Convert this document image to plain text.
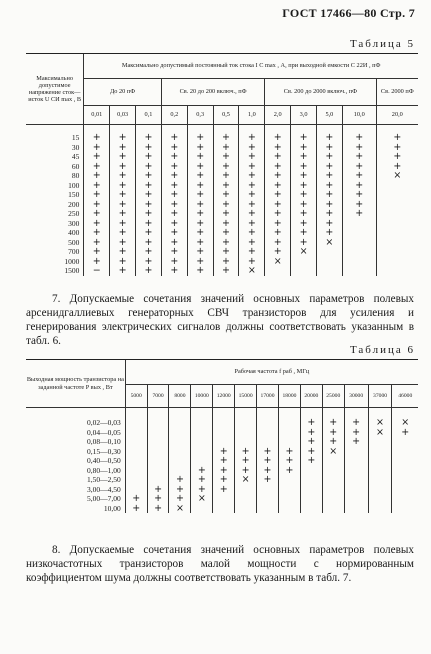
ГОСТ 17466—80 Стр. 7
Таблица 5
Максимально допустимое напряжение сток—исток U СИ max , В	Максимально допустимый постоянный ток стока I C max , А, при выходной емкости C 22И , пФ											
	До 20 пФ			Св. 20 до 200 включ., пФ				Св. 200 до 2000 включ., пФ				Св. 2000 пФ
	0,01	0,03	0,1	0,2	0,3	0,5	1,0	2,0	3,0	5,0	10,0	20,0
15	+	+	+	+	+	+	+	+	+	+	+	+
30	+	+	+	+	+	+	+	+	+	+	+	+
45	+	+	+	+	+	+	+	+	+	+	+	+
60	+	+	+	+	+	+	+	+	+	+	+	+
80	+	+	+	+	+	+	+	+	+	+	+	×
100	+	+	+	+	+	+	+	+	+	+	+	
150	+	+	+	+	+	+	+	+	+	+	+	
200	+	+	+	+	+	+	+	+	+	+	+	
250	+	+	+	+	+	+	+	+	+	+	+	
300	+	+	+	+	+	+	+	+	+	+		
400	+	+	+	+	+	+	+	+	+	+		
500	+	+	+	+	+	+	+	+	+	×		
700	+	+	+	+	+	+	+	+	×			
1000	+	+	+	+	+	+	+	×				
1500	−	+	+	+	+	+	×					
7. Допускаемые сочетания значений основных параметров полевых арсенидгаллиевых генераторных СВЧ транзисторов для усиления и генерирования электрических сигналов должны соответствовать указанным в табл. 6.
Таблица 6
Выходная мощность транзистора на заданной частоте P вых , Вт	Рабочая частота f раб , МГц												
	5000	7000	8000	10000	12000	15000	17000	18000	20000	25000	30000	37000	46000
0,02—0,03									+	+	+	×	×
0,04—0,05									+	+	+	×	+
0,08—0,10									+	+	+		
0,15—0,30					+	+	+	+	+	×			
0,40—0,50					+	+	+	+	+				
0,80—1,00				+	+	+	+	+					
1,50—2,50			+	+	+	×	+						
3,00—4,50		+	+	+	+								
5,00—7,00	+	+	+	×									
10,00	+	+	×										
8. Допускаемые сочетания значений основных параметров полевых низкочастотных транзисторов малой мощности с нормированным коэффициентом шума должны соответствовать указанным в табл. 7.
